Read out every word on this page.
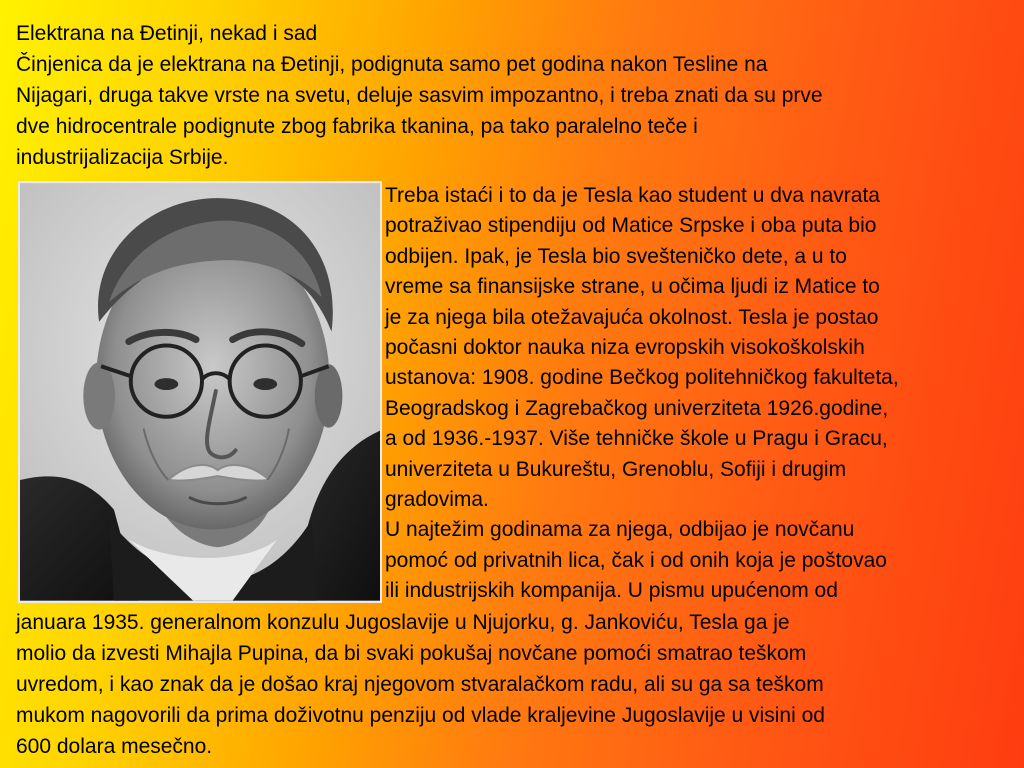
Elektrana na Đetinji, nekad i sad
Činjenica da je elektrana na Đetinji, podignuta samo pet godina nakon Tesline na
Nijagari, druga takve vrste na svetu, deluje sasvim impozantno, i treba znati da su prve
dve hidrocentrale podignute zbog fabrika tkanina, pa tako paralelno teče i
industrijalizacija Srbije.
Treba istaći i to da je Tesla kao student u dva navrata
potraživao stipendiju od Matice Srpske i oba puta bio
odbijen. Ipak, je Tesla bio svešteničko dete, a u to
vreme sa finansijske strane, u očima ljudi iz Matice to
je za njega bila otežavajuća okolnost. Tesla je postao
počasni doktor nauka niza evropskih visokoškolskih
ustanova: 1908. godine Bečkog politehničkog fakulteta,
Beogradskog i Zagrebačkog univerziteta 1926.godine,
a od 1936.-1937. Više tehničke škole u Pragu i Gracu,
univerziteta u Bukureštu, Grenoblu, Sofiji i drugim
gradovima.
U najtežim godinama za njega, odbijao je novčanu
pomoć od privatnih lica, čak i od onih koja je poštovao
ili industrijskih kompanija. U pismu upućenom od
januara 1935. generalnom konzulu Jugoslavije u Njujorku, g. Jankoviću, Tesla ga je
molio da izvesti Mihajla Pupina, da bi svaki pokušaj novčane pomoći smatrao teškom
uvredom, i kao znak da je došao kraj njegovom stvaralačkom radu, ali su ga sa teškom
mukom nagovorili da prima doživotnu penziju od vlade kraljevine Jugoslavije u visini od
600 dolara mesečno.
